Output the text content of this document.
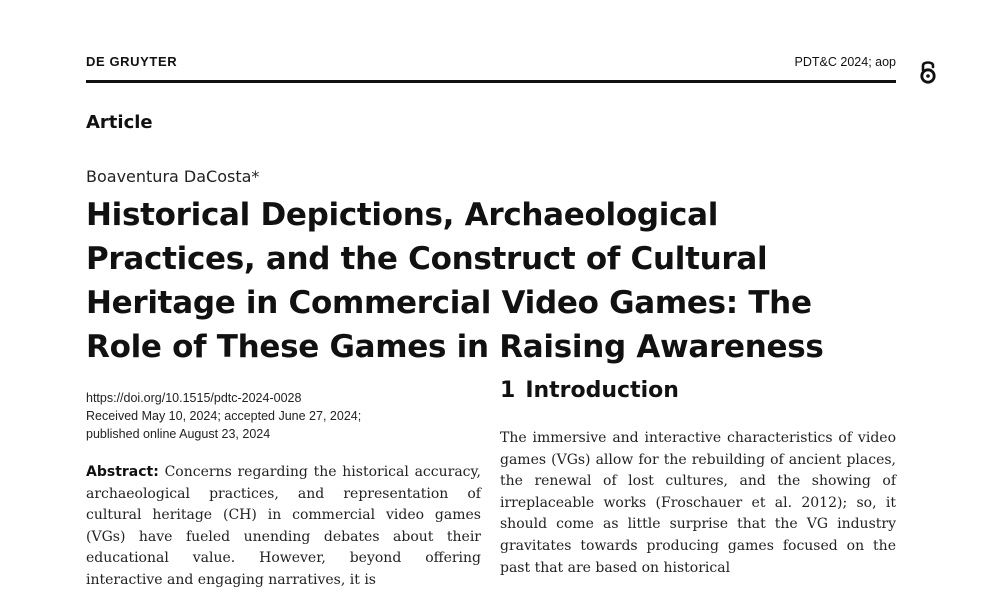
DE GRUYTER	PDT&C 2024; aop
Article
Boaventura DaCosta*
Historical Depictions, Archaeological Practices, and the Construct of Cultural Heritage in Commercial Video Games: The Role of These Games in Raising Awareness
https://doi.org/10.1515/pdtc-2024-0028
Received May 10, 2024; accepted June 27, 2024;
published online August 23, 2024

Abstract: Concerns regarding the historical accuracy, archaeological practices, and representation of cultural heritage (CH) in commercial video games (VGs) have fueled unending debates about their educational value. However, beyond offering interactive and engaging narratives, it is

1 Introduction

The immersive and interactive characteristics of video games (VGs) allow for the rebuilding of ancient places, the renewal of lost cultures, and the showing of irreplaceable works (Froschauer et al. 2012); so, it should come as little surprise that the VG industry gravitates towards producing games focused on the past that are based on historical
